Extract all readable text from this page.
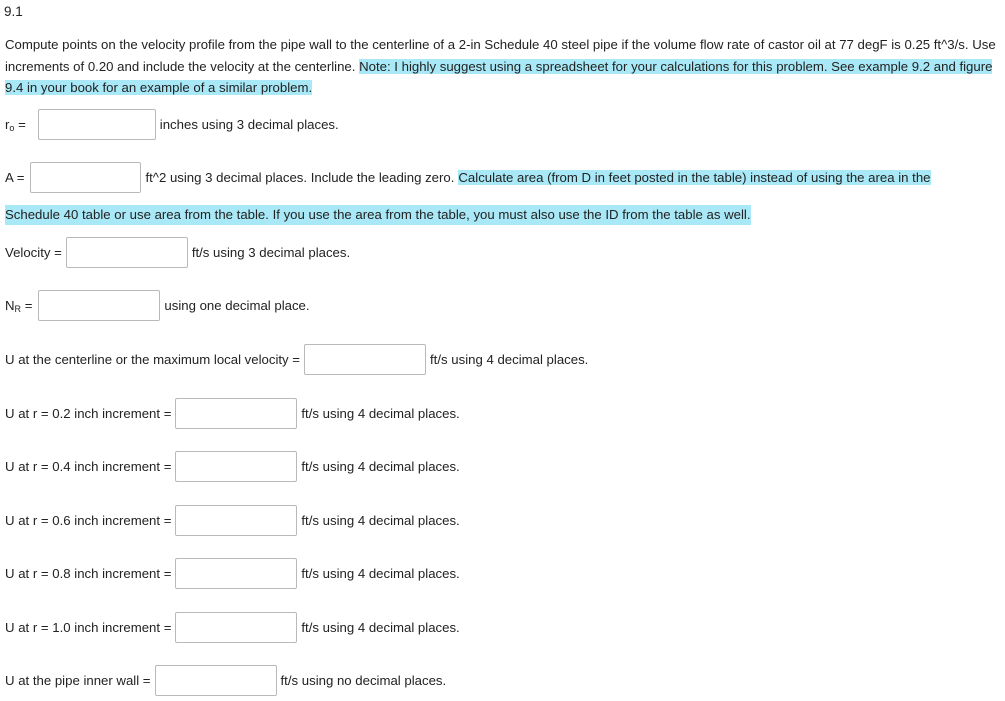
9.1

Compute points on the velocity profile from the pipe wall to the centerline of a 2-in Schedule 40 steel pipe if the volume flow rate of castor oil at 77 degF is 0.25 ft^3/s. Use increments of 0.20 and include the velocity at the centerline. Note: I highly suggest using a spreadsheet for your calculations for this problem. See example 9.2 and figure 9.4 in your book for an example of a similar problem.

$r_o$ =	inches using 3 decimal places.
A =	ft^2 using 3 decimal places. Include the leading zero. Calculate area (from D in feet posted in the table) instead of using the area in the
Schedule 40 table or use area from the table. If you use the area from the table, you must also use the ID from the table as well.
Velocity =	ft/s using 3 decimal places.
$N_R$ =	using one decimal place.
U at the centerline or the maximum local velocity =	ft/s using 4 decimal places.
U at r = 0.2 inch increment =	ft/s using 4 decimal places.
U at r = 0.4 inch increment =	ft/s using 4 decimal places.
U at r = 0.6 inch increment =	ft/s using 4 decimal places.
U at r = 0.8 inch increment =	ft/s using 4 decimal places.
U at r = 1.0 inch increment =	ft/s using 4 decimal places.
U at the pipe inner wall =	ft/s using no decimal places.
